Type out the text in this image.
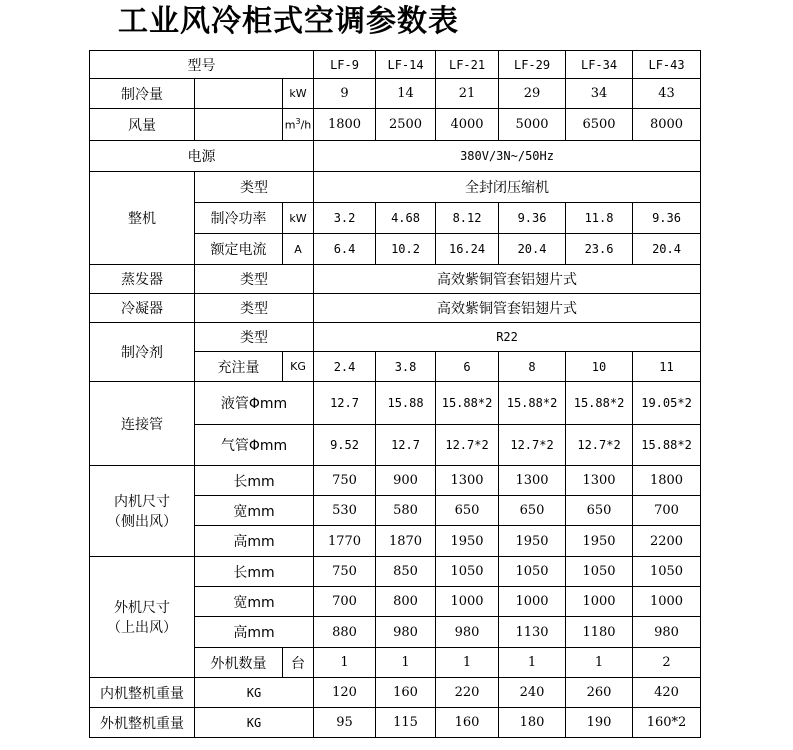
工业风冷柜式空调参数表
型号			LF-9	LF-14	LF-21	LF-29	LF-34	LF-43
制冷量		kW	9	14	21	29	34	43
风量		$m^3/h$	1800	2500	4000	5000	6500	8000
电源			380V/3N~/50Hz					
整机	类型		全封闭压缩机					
	制冷功率	kW	3.2	4.68	8.12	9.36	11.8	9.36
	额定电流	A	6.4	10.2	16.24	20.4	23.6	20.4
蒸发器	类型		高效紫铜管套铝翅片式					
冷凝器	类型		高效紫铜管套铝翅片式					
制冷剂	类型		R22					
	充注量	KG	2.4	3.8	6	8	10	11
连接管	液管Φmm		12.7	15.88	15.88*2	15.88*2	15.88*2	19.05*2
	气管Φmm		9.52	12.7	12.7*2	12.7*2	12.7*2	15.88*2

内机尺寸
（侧出风）	长mm		750	900	1300	1300	1300	1800
	宽mm		530	580	650	650	650	700
	高mm		1770	1870	1950	1950	1950	2200

外机尺寸
（上出风）	长mm		750	850	1050	1050	1050	1050
	宽mm		700	800	1000	1000	1000	1000
	高mm		880	980	980	1130	1180	980
	外机数量	台	1	1	1	1	1	2
内机整机重量	KG		120	160	220	240	260	420
外机整机重量	KG		95	115	160	180	190	160*2
